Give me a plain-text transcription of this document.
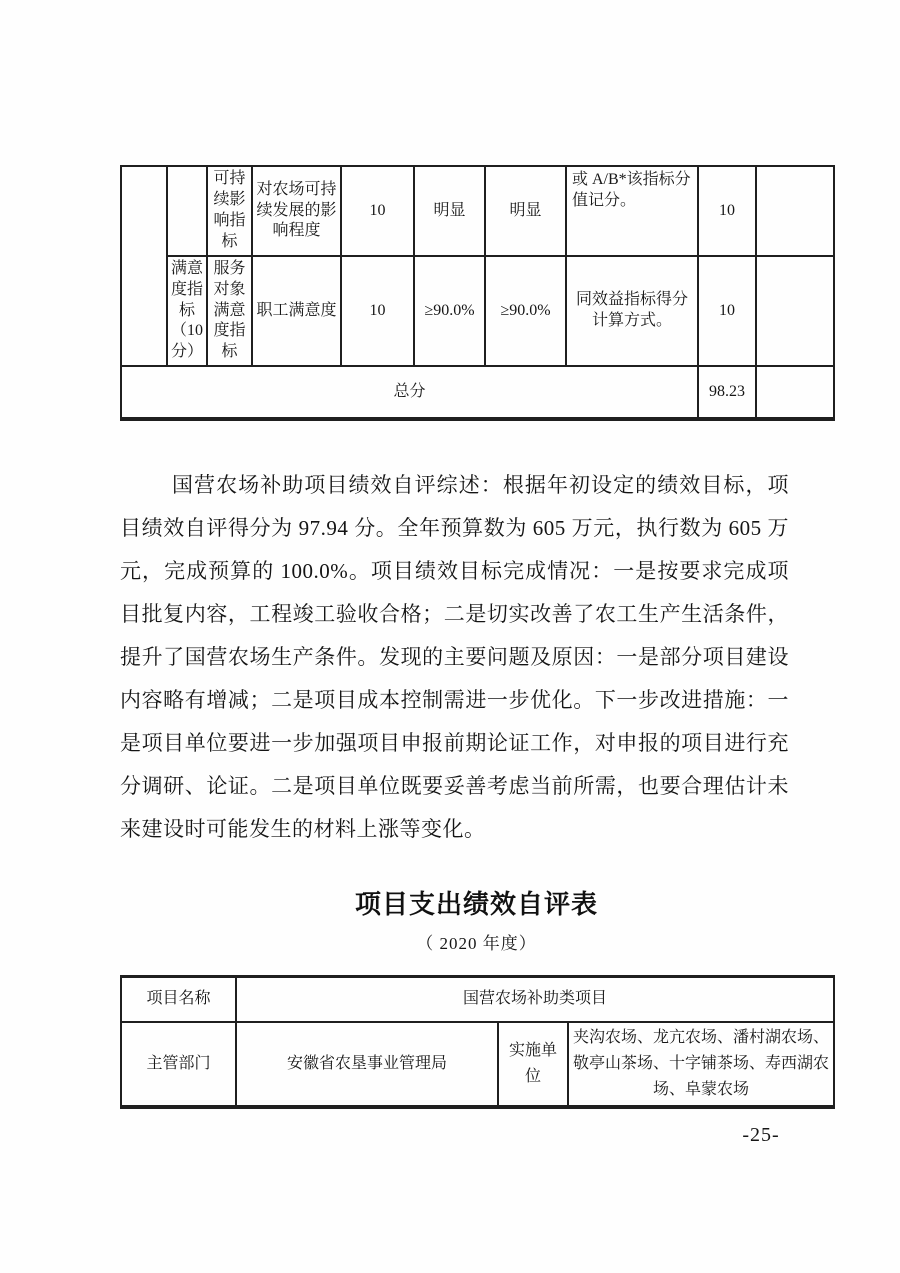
		可持续影响指标	对农场可持续发展的影响程度	10	明显	明显	或 A/B*该指标分值记分。	10	
	满意度指标（10分）	服务对象满意度指标	职工满意度	10	≥90.0%	≥90.0%	同效益指标得分 计算方式。	10	
总分								98.23	
国营农场补助项目绩效自评综述：根据年初设定的绩效目标，项目绩效自评得分为 97.94 分。全年预算数为 605 万元，执行数为 605 万元，完成预算的 100.0%。项目绩效目标完成情况：一是按要求完成项目批复内容，工程竣工验收合格；二是切实改善了农工生产生活条件，提升了国营农场生产条件。发现的主要问题及原因：一是部分项目建设内容略有增减；二是项目成本控制需进一步优化。下一步改进措施：一是项目单位要进一步加强项目申报前期论证工作，对申报的项目进行充分调研、论证。二是项目单位既要妥善考虑当前所需，也要合理估计未来建设时可能发生的材料上涨等变化。
项目支出绩效自评表
（ 2020 年度）
项目名称	国营农场补助类项目		
主管部门	安徽省农垦事业管理局	实施单位	夹沟农场、龙亢农场、潘村湖农场、敬亭山茶场、十字铺茶场、寿西湖农场、阜蒙农场
-25-
